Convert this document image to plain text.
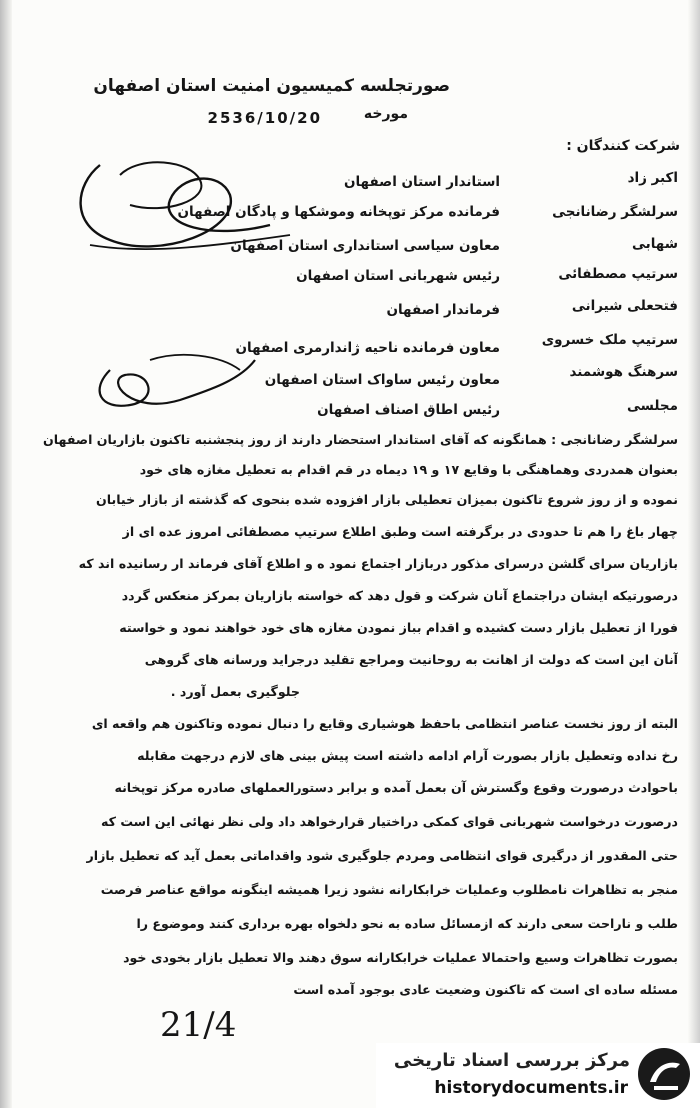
صورتجلسه کمیسیون امنیت استان اصفهان
مورخه
2536/10/20
شرکت کنندگان :
اکبر زاد
استاندار استان اصفهان
سرلشگر رضانانجی
فرمانده مرکز توپخانه وموشکها و پادگان اصفهان
شهابی
معاون سیاسی استانداری استان اصفهان
سرتیپ مصطفائی
رئیس شهربانی استان اصفهان
فتحعلی شیرانی
فرماندار اصفهان
سرتیپ ملک خسروی
معاون فرمانده ناحیه ژاندارمری اصفهان
سرهنگ هوشمند
معاون رئیس ساواک استان اصفهان
مجلسی
رئیس اطاق اصناف اصفهان
سرلشگر رضانانجی : همانگونه که آقای استاندار استحضار دارند از روز پنجشنبه تاکنون بازاریان اصفهان
بعنوان همدردی وهماهنگی با وقایع ۱۷ و ۱۹ دیماه در قم اقدام به تعطیل مغازه های خود
نموده و از روز شروع تاکنون بمیزان تعطیلی بازار افزوده شده بنحوی که گذشته از بازار خیابان
چهار باغ را هم تا حدودی در برگرفته است وطبق اطلاع سرتیپ مصطفائی امروز عده ای از
بازاریان سرای گلشن درسرای مذکور دربازار اجتماع نمود ه و اطلاع آقای فرماند ار رسانیده اند که
درصورتیکه ایشان دراجتماع آنان شرکت و قول دهد که خواسته بازاریان بمرکز منعکس گردد
فورا از تعطیل بازار دست کشیده و اقدام بباز نمودن مغازه های خود خواهند نمود و خواسته
آنان این است که دولت از اهانت به روحانیت ومراجع تقلید درجراید ورسانه های گروهی
جلوگیری بعمل آورد .
البته از روز نخست عناصر انتظامی باحفظ هوشیاری وقایع را دنبال نموده وتاکنون هم واقعه ای
رخ نداده وتعطیل بازار بصورت آرام ادامه داشته است پیش بینی های لازم درجهت مقابله
باحوادث درصورت وقوع وگسترش آن بعمل آمده و برابر دستورالعملهای صادره مرکز توپخانه
درصورت درخواست شهربانی قوای کمکی دراختیار قرارخواهد داد ولی نظر نهائی این است که
حتی المقدور از درگیری قوای انتظامی ومردم جلوگیری شود واقداماتی بعمل آید که تعطیل بازار
منجر به تظاهرات نامطلوب وعملیات خرابکارانه نشود زیرا همیشه اینگونه مواقع عناصر فرصت
طلب و ناراحت سعی دارند که ازمسائل ساده به نحو دلخواه بهره برداری کنند وموضوع را
بصورت تظاهرات وسیع واحتمالا عملیات خرابکارانه سوق دهند والا تعطیل بازار بخودی خود
مسئله ساده ای است که تاکنون وضعیت عادی بوجود آمده است
21/4
مرکز بررسی اسناد تاریخی
historydocuments.ir
